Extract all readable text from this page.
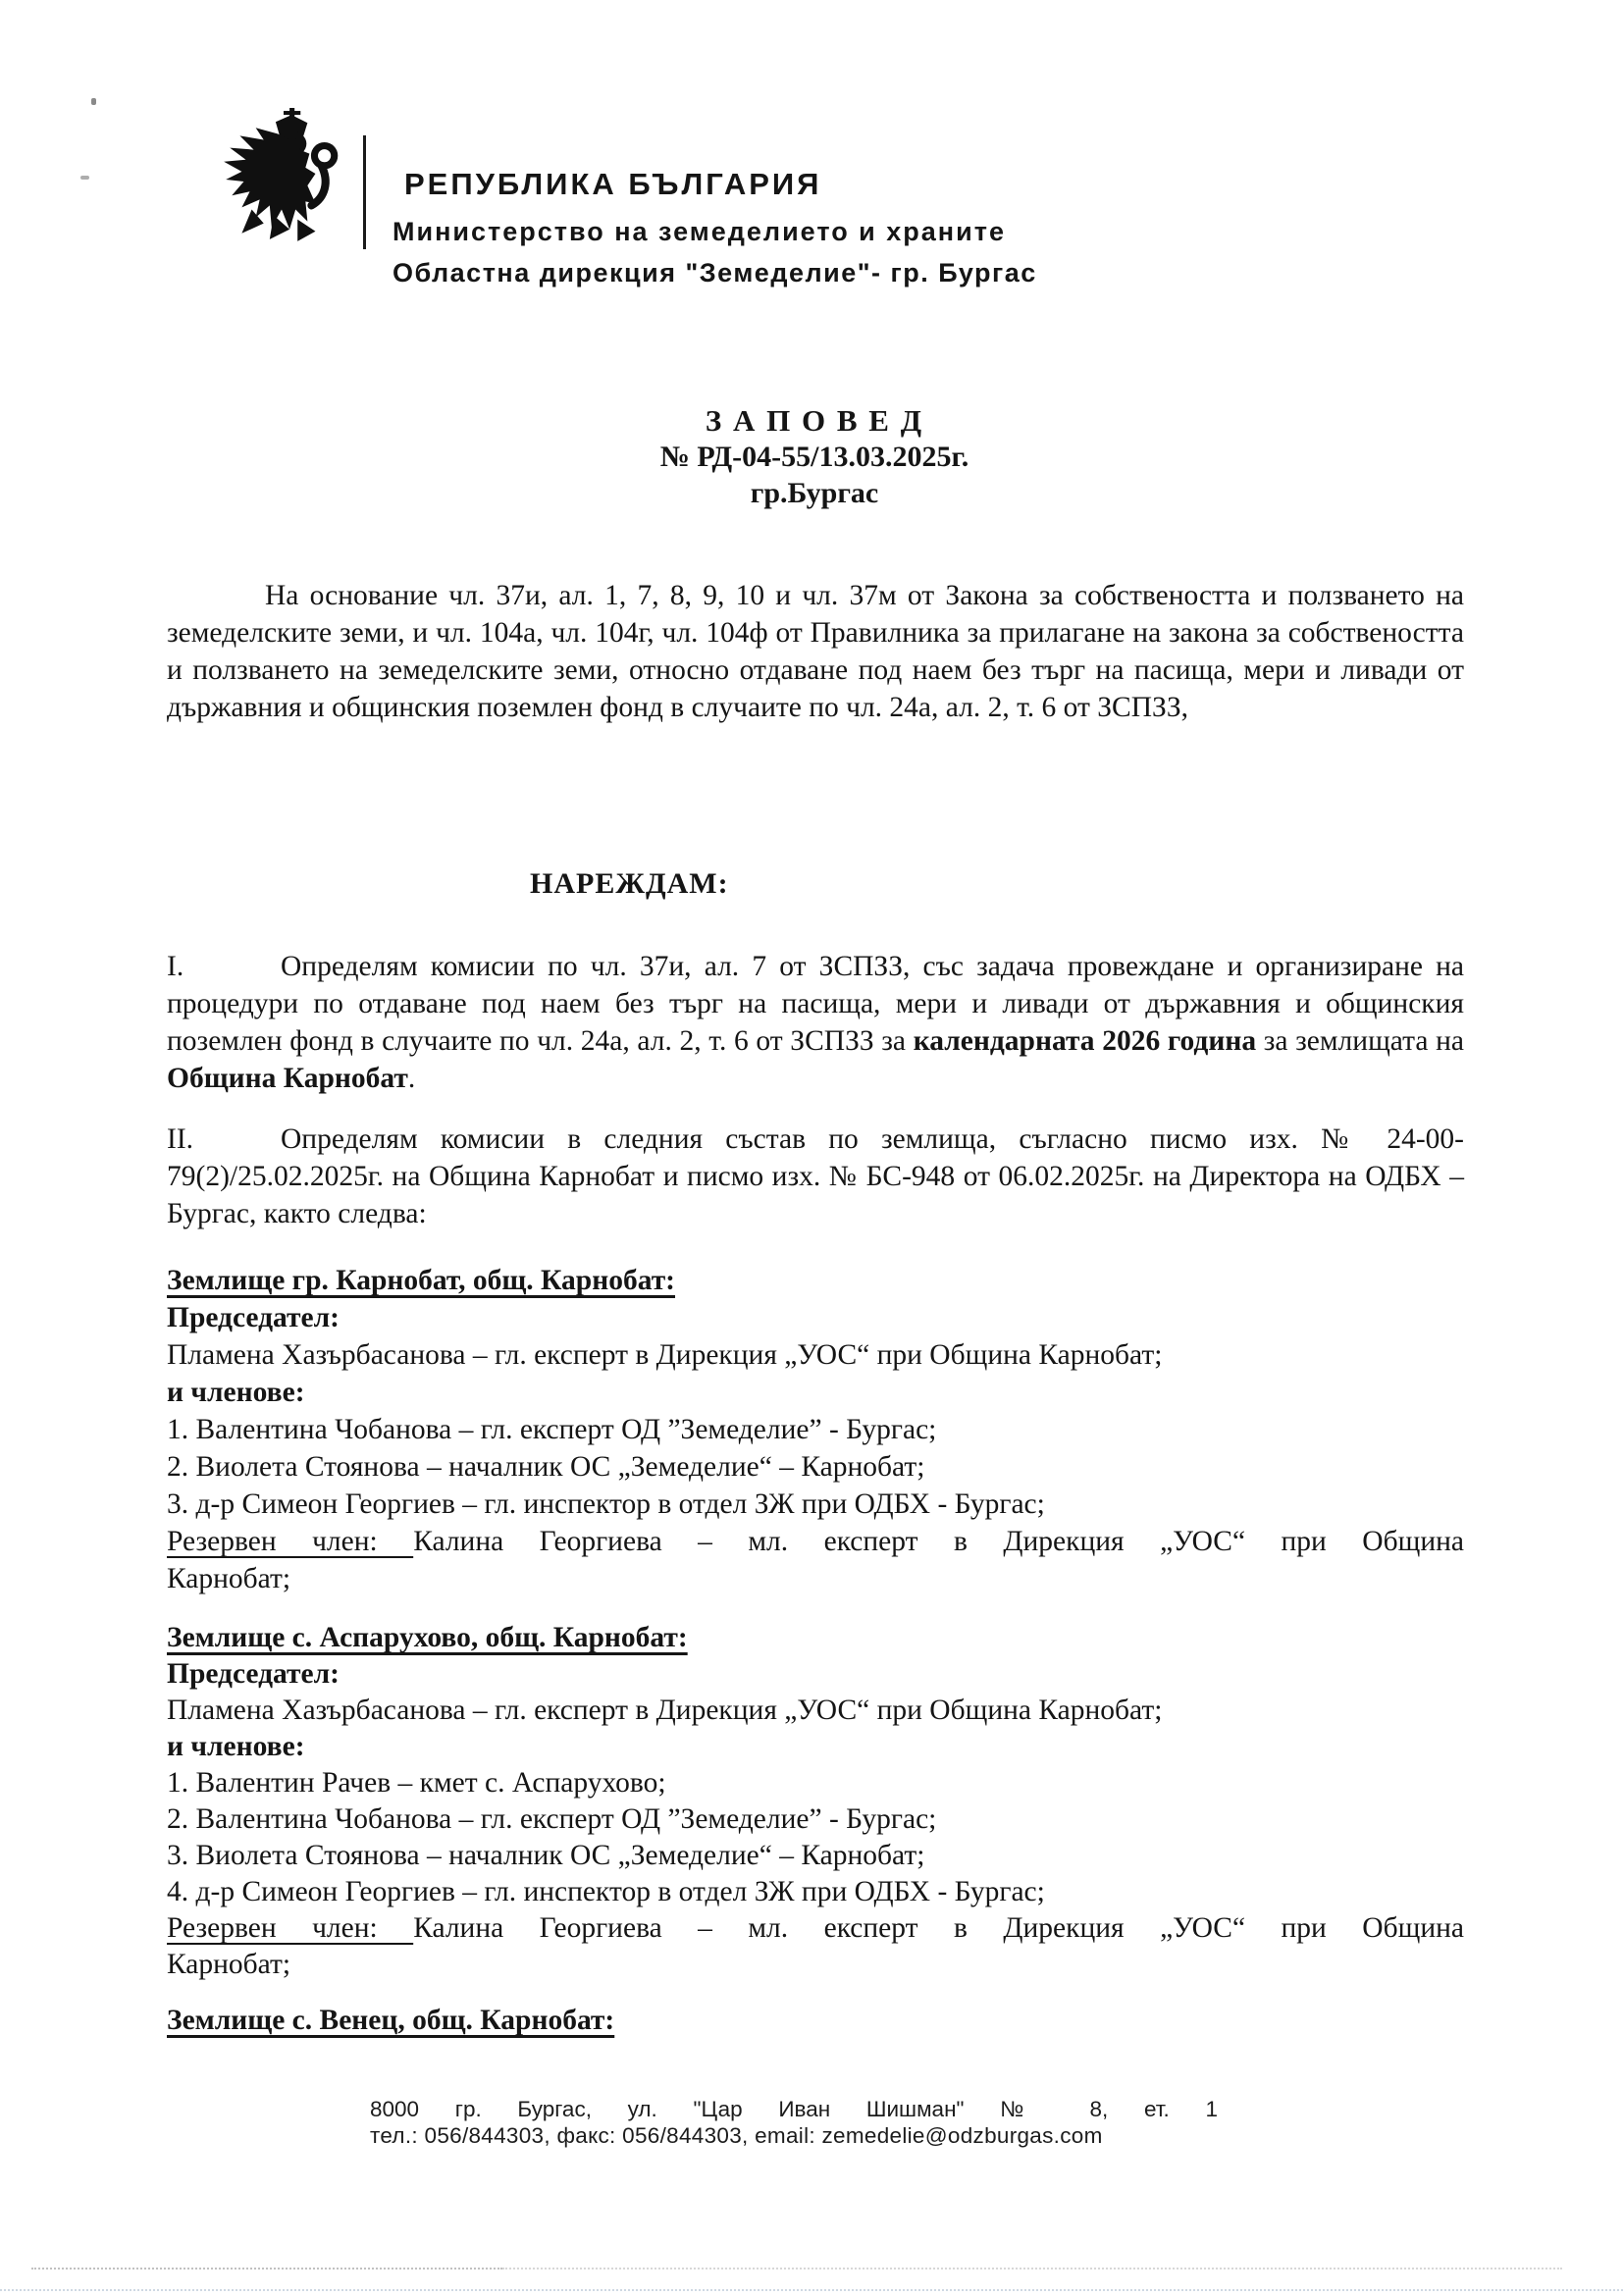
РЕПУБЛИКА БЪЛГАРИЯ
Министерство на земеделието и храните
Областна дирекция "Земеделие"- гр. Бургас
З А П О В Е Д
№ РД-04-55/13.03.2025г.
гр.Бургас
На основание чл. 37и, ал. 1, 7, 8, 9, 10 и чл. 37м от Закона за собствеността и ползването на земеделските земи, и чл. 104а, чл. 104г, чл. 104ф от Правилника за прилагане на закона за собствеността и ползването на земеделските земи, относно отдаване под наем без търг на пасища, мери и ливади от държавния и общинския поземлен фонд в случаите по чл. 24а, ал. 2, т. 6 от ЗСПЗЗ,
НАРЕЖДАМ:
I.	Определям комисии по чл. 37и, ал. 7 от ЗСПЗЗ, със задача провеждане и организиране на процедури по отдаване под наем без търг на пасища, мери и ливади от държавния и общинския поземлен фонд в случаите по чл. 24а, ал. 2, т. 6 от ЗСПЗЗ за календарната 2026 година за землищата на Община Карнобат.
II.	Определям комисии в следния състав по землища, съгласно писмо изх. № 24-00-79(2)/25.02.2025г. на Община Карнобат и писмо изх. № БС-948 от 06.02.2025г. на Директора на ОДБХ – Бургас, както следва:
Землище гр. Карнобат, общ. Карнобат:
Председател:
Пламена Хазърбасанова – гл. експерт в Дирекция „УОС“ при Община Карнобат;
и членове:
1. Валентина Чобанова – гл. експерт ОД ”Земеделие” - Бургас;
2. Виолета Стоянова – началник ОС „Земеделие“ – Карнобат;
3. д-р Симеон Георгиев – гл. инспектор в отдел ЗЖ при ОДБХ - Бургас;
Резервен член: Калина Георгиева – мл. експерт в Дирекция „УОС“ при Община
Карнобат;
Землище с. Аспарухово, общ. Карнобат:
Председател:
Пламена Хазърбасанова – гл. експерт в Дирекция „УОС“ при Община Карнобат;
и членове:
1. Валентин Рачев – кмет с. Аспарухово;
2. Валентина Чобанова – гл. експерт ОД ”Земеделие” - Бургас;
3. Виолета Стоянова – началник ОС „Земеделие“ – Карнобат;
4. д-р Симеон Георгиев – гл. инспектор в отдел ЗЖ при ОДБХ - Бургас;
Резервен член: Калина Георгиева – мл. експерт в Дирекция „УОС“ при Община
Карнобат;
Землище с. Венец, общ. Карнобат:
8000 гр. Бургас, ул. "Цар Иван Шишман" № 8, ет. 1
тел.: 056/844303, факс: 056/844303, email: zemedelie@odzburgas.com
